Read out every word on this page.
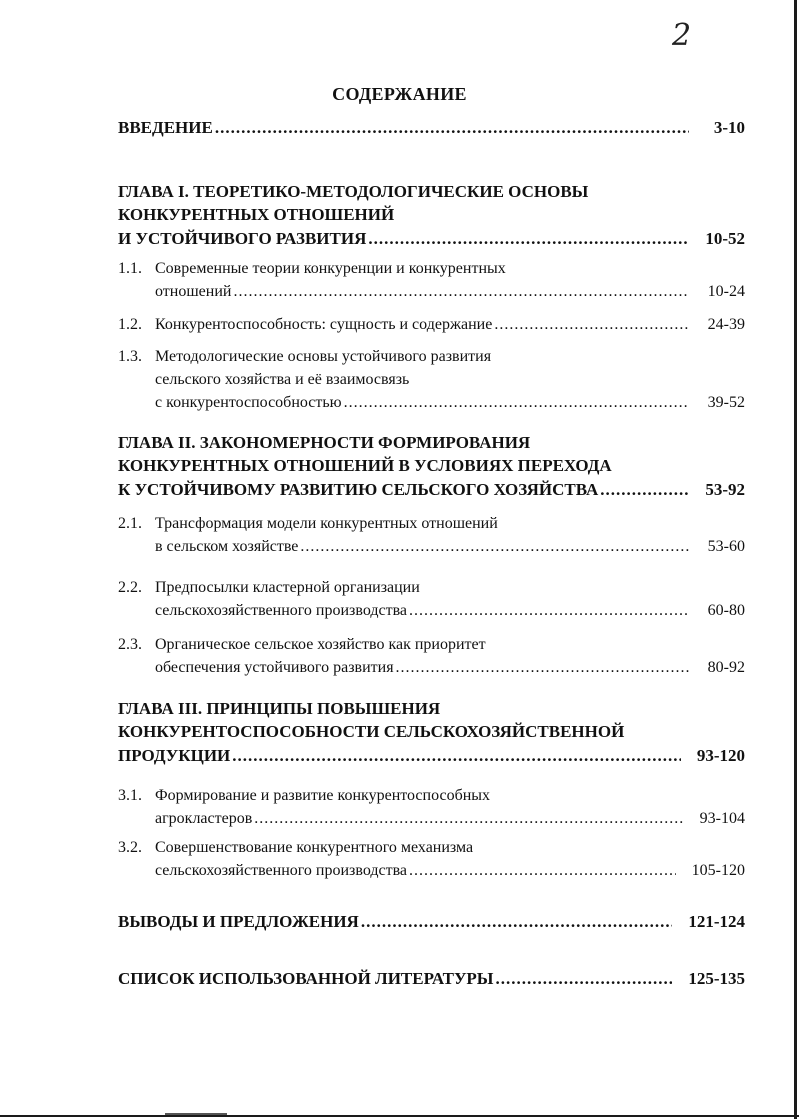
2
СОДЕРЖАНИЕ
ВВЕДЕНИЕ .....	3-10
ГЛАВА I. ТЕОРЕТИКО-МЕТОДОЛОГИЧЕСКИЕ ОСНОВЫ
КОНКУРЕНТНЫХ ОТНОШЕНИЙ
И УСТОЙЧИВОГО РАЗВИТИЯ .....	10-52
1.1. Современные теории конкуренции и конкурентных
отношений .....	10-24
1.2. Конкурентоспособность: сущность и содержание .....	24-39
1.3. Методологические основы устойчивого развития
сельского хозяйства и её взаимосвязь
с конкурентоспособностью .....	39-52
ГЛАВА II. ЗАКОНОМЕРНОСТИ ФОРМИРОВАНИЯ
КОНКУРЕНТНЫХ ОТНОШЕНИЙ В УСЛОВИЯХ ПЕРЕХОДА
К УСТОЙЧИВОМУ РАЗВИТИЮ СЕЛЬСКОГО ХОЗЯЙСТВА .....	53-92
2.1. Трансформация модели конкурентных отношений
в сельском хозяйстве .....	53-60
2.2. Предпосылки кластерной организации
сельскохозяйственного производства .....	60-80
2.3. Органическое сельское хозяйство как приоритет
обеспечения устойчивого развития .....	80-92
ГЛАВА III. ПРИНЦИПЫ ПОВЫШЕНИЯ
КОНКУРЕНТОСПОСОБНОСТИ СЕЛЬСКОХОЗЯЙСТВЕННОЙ
ПРОДУКЦИИ .....	93-120
3.1. Формирование и развитие конкурентоспособных
агрокластеров .....	93-104
3.2. Совершенствование конкурентного механизма
сельскохозяйственного производства .....	105-120
ВЫВОДЫ И ПРЕДЛОЖЕНИЯ .....	121-124
СПИСОК ИСПОЛЬЗОВАННОЙ ЛИТЕРАТУРЫ .....	125-135
